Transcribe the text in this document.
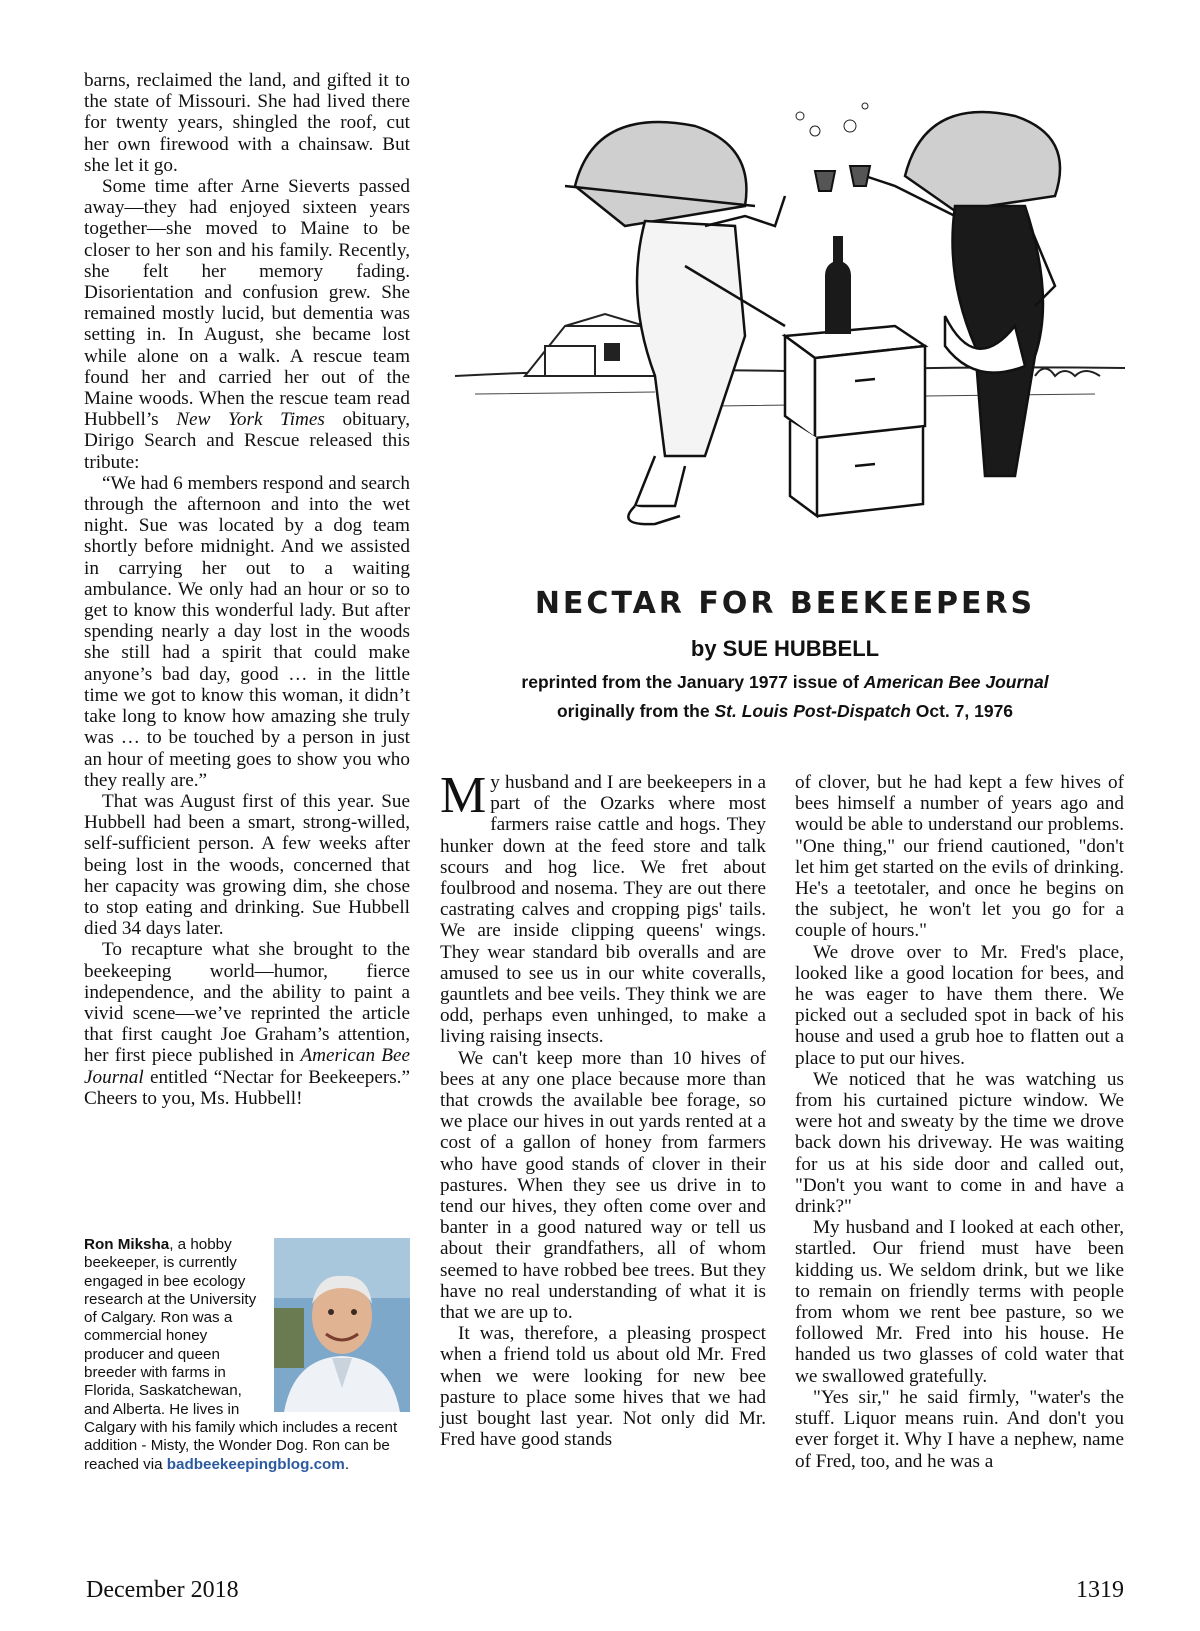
barns, reclaimed the land, and gifted it to the state of Missouri. She had lived there for twenty years, shingled the roof, cut her own firewood with a chainsaw. But she let it go.

Some time after Arne Sieverts passed away—they had enjoyed sixteen years together—she moved to Maine to be closer to her son and his family. Recently, she felt her memory fading. Disorientation and confusion grew. She remained mostly lucid, but dementia was setting in. In August, she became lost while alone on a walk. A rescue team found her and carried her out of the Maine woods. When the rescue team read Hubbell’s New York Times obituary, Dirigo Search and Rescue released this tribute:

“We had 6 members respond and search through the afternoon and into the wet night. Sue was located by a dog team shortly before midnight. And we assisted in carrying her out to a waiting ambulance. We only had an hour or so to get to know this wonderful lady. But after spending nearly a day lost in the woods she still had a spirit that could make anyone’s bad day, good … in the little time we got to know this woman, it didn’t take long to know how amazing she truly was … to be touched by a person in just an hour of meeting goes to show you who they really are.”

That was August first of this year. Sue Hubbell had been a smart, strong-willed, self-sufficient person. A few weeks after being lost in the woods, concerned that her capacity was growing dim, she chose to stop eating and drinking. Sue Hubbell died 34 days later.

To recapture what she brought to the beekeeping world—humor, fierce independence, and the ability to paint a vivid scene—we’ve reprinted the article that first caught Joe Graham’s attention, her first piece published in American Bee Journal entitled “Nectar for Beekeepers.” Cheers to you, Ms. Hubbell!

Ron Miksha, a hobby beekeeper, is currently engaged in bee ecology research at the University of Calgary. Ron was a commercial honey producer and queen breeder with farms in Florida, Saskatchewan, and Alberta. He lives in Calgary with his family which includes a recent addition - Misty, the Wonder Dog. Ron can be reached via badbeekeepingblog.com.
NECTAR FOR BEEKEEPERS
by SUE HUBBELL
reprinted from the January 1977 issue of American Bee Journal
originally from the St. Louis Post-Dispatch Oct. 7, 1976

My husband and I are beekeepers in a part of the Ozarks where most farmers raise cattle and hogs. They hunker down at the feed store and talk scours and hog lice. We fret about foulbrood and nosema. They are out there castrating calves and cropping pigs' tails. We are inside clipping queens' wings. They wear standard bib overalls and are amused to see us in our white coveralls, gauntlets and bee veils. They think we are odd, perhaps even unhinged, to make a living raising insects.

We can't keep more than 10 hives of bees at any one place because more than that crowds the available bee forage, so we place our hives in out yards rented at a cost of a gallon of honey from farmers who have good stands of clover in their pastures. When they see us drive in to tend our hives, they often come over and banter in a good natured way or tell us about their grandfathers, all of whom seemed to have robbed bee trees. But they have no real understanding of what it is that we are up to.

It was, therefore, a pleasing prospect when a friend told us about old Mr. Fred when we were looking for new bee pasture to place some hives that we had just bought last year. Not only did Mr. Fred have good stands

of clover, but he had kept a few hives of bees himself a number of years ago and would be able to understand our problems. "One thing," our friend cautioned, "don't let him get started on the evils of drinking. He's a teetotaler, and once he begins on the subject, he won't let you go for a couple of hours."

We drove over to Mr. Fred's place, looked like a good location for bees, and he was eager to have them there. We picked out a secluded spot in back of his house and used a grub hoe to flatten out a place to put our hives.

We noticed that he was watching us from his curtained picture window. We were hot and sweaty by the time we drove back down his driveway. He was waiting for us at his side door and called out, "Don't you want to come in and have a drink?"

My husband and I looked at each other, startled. Our friend must have been kidding us. We seldom drink, but we like to remain on friendly terms with people from whom we rent bee pasture, so we followed Mr. Fred into his house. He handed us two glasses of cold water that we swallowed gratefully.

"Yes sir," he said firmly, "water's the stuff. Liquor means ruin. And don't you ever forget it. Why I have a nephew, name of Fred, too, and he was a

December 2018	1319
